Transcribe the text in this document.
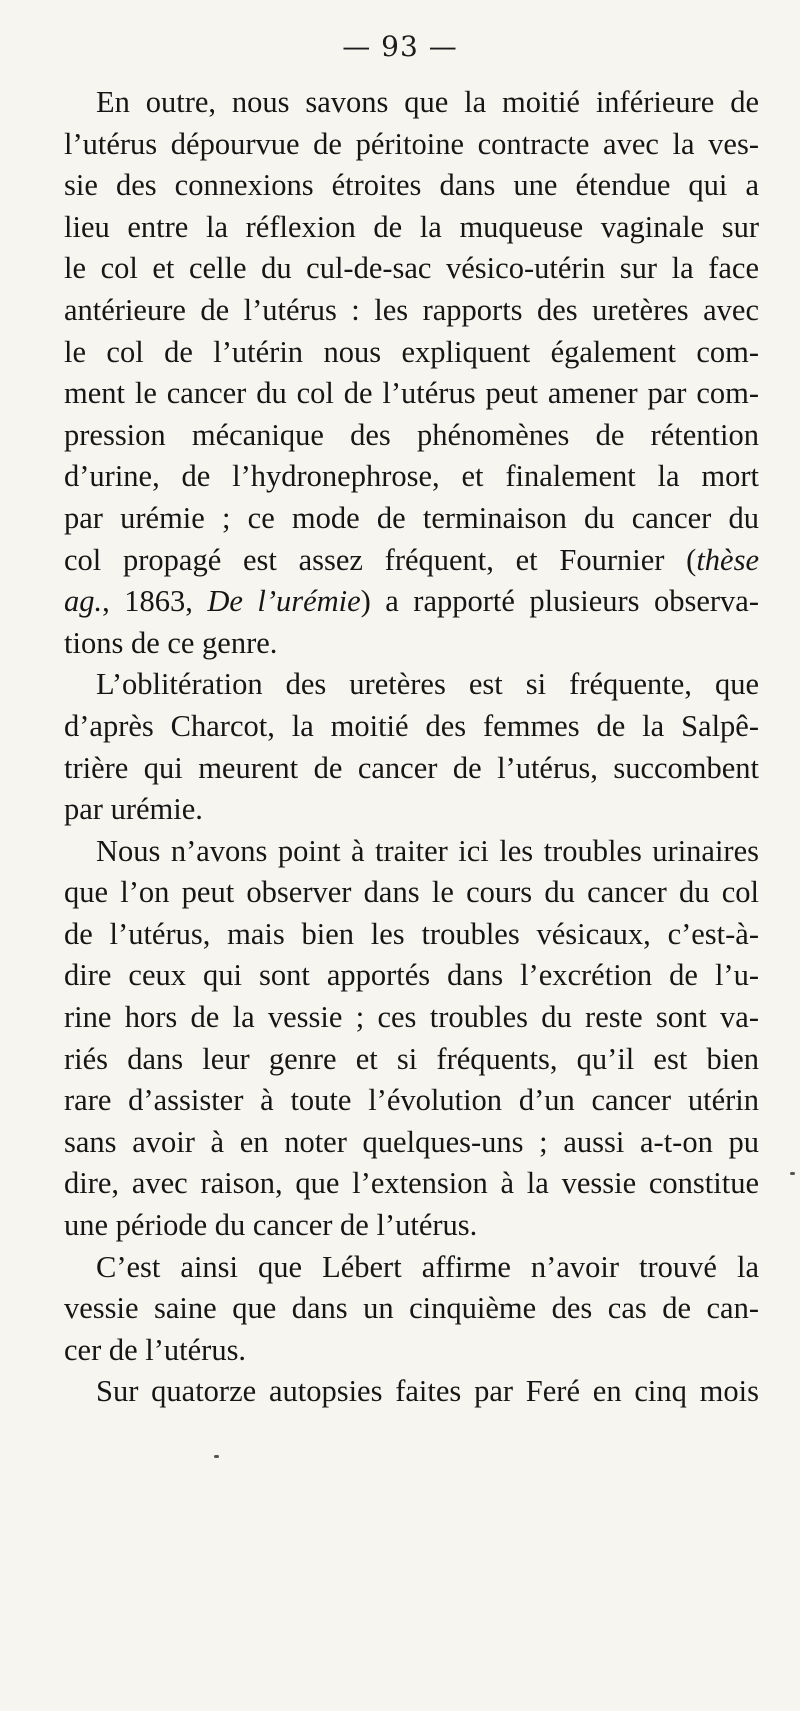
— 93 —
En outre, nous savons que la moitié inférieure de
l’utérus dépourvue de péritoine contracte avec la ves-
sie des connexions étroites dans une étendue qui a
lieu entre la réflexion de la muqueuse vaginale sur
le col et celle du cul-de-sac vésico-utérin sur la face
antérieure de l’utérus : les rapports des uretères avec
le col de l’utérin nous expliquent également com-
ment le cancer du col de l’utérus peut amener par com-
pression mécanique des phénomènes de rétention
d’urine, de l’hydronephrose, et finalement la mort
par urémie ; ce mode de terminaison du cancer du
col propagé est assez fréquent, et Fournier (thèse
ag., 1863, De l’urémie) a rapporté plusieurs observa-
tions de ce genre.
L’oblitération des uretères est si fréquente, que
d’après Charcot, la moitié des femmes de la Salpê-
trière qui meurent de cancer de l’utérus, succombent
par urémie.
Nous n’avons point à traiter ici les troubles urinaires
que l’on peut observer dans le cours du cancer du col
de l’utérus, mais bien les troubles vésicaux, c’est-à-
dire ceux qui sont apportés dans l’excrétion de l’u-
rine hors de la vessie ; ces troubles du reste sont va-
riés dans leur genre et si fréquents, qu’il est bien
rare d’assister à toute l’évolution d’un cancer utérin
sans avoir à en noter quelques-uns ; aussi a-t-on pu
dire, avec raison, que l’extension à la vessie constitue
une période du cancer de l’utérus.
C’est ainsi que Lébert affirme n’avoir trouvé la
vessie saine que dans un cinquième des cas de can-
cer de l’utérus.
Sur quatorze autopsies faites par Feré en cinq mois
